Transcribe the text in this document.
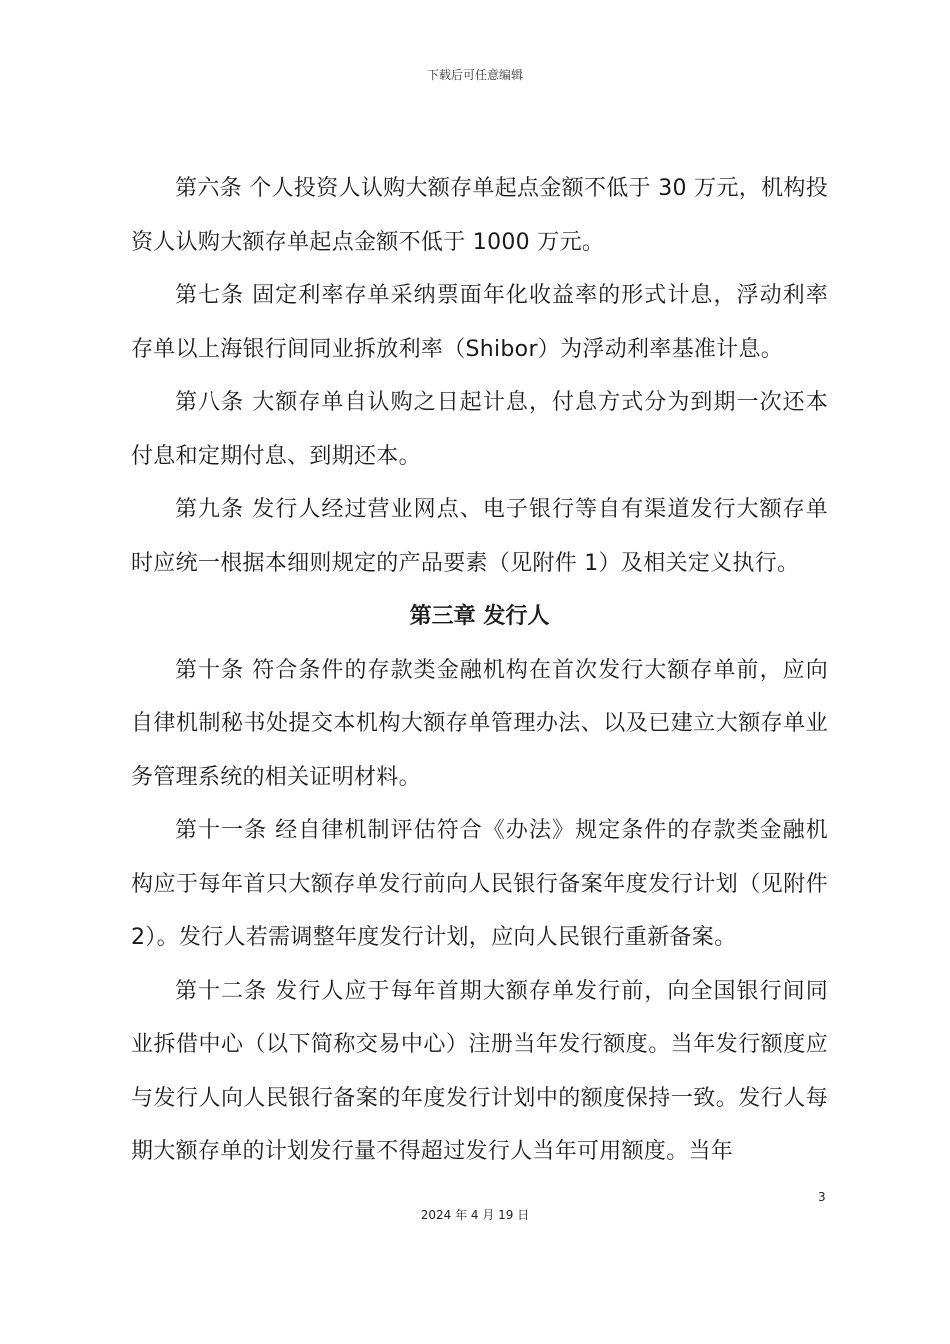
下载后可任意编辑

第六条 个人投资人认购大额存单起点金额不低于 30 万元，机构投资人认购大额存单起点金额不低于 1000 万元。

第七条 固定利率存单采纳票面年化收益率的形式计息，浮动利率存单以上海银行间同业拆放利率（Shibor）为浮动利率基准计息。

第八条 大额存单自认购之日起计息，付息方式分为到期一次还本付息和定期付息、到期还本。

第九条 发行人经过营业网点、电子银行等自有渠道发行大额存单时应统一根据本细则规定的产品要素（见附件 1）及相关定义执行。

第三章 发行人

第十条 符合条件的存款类金融机构在首次发行大额存单前，应向自律机制秘书处提交本机构大额存单管理办法、以及已建立大额存单业务管理系统的相关证明材料。

第十一条 经自律机制评估符合《办法》规定条件的存款类金融机构应于每年首只大额存单发行前向人民银行备案年度发行计划（见附件 2）。发行人若需调整年度发行计划，应向人民银行重新备案。

第十二条 发行人应于每年首期大额存单发行前，向全国银行间同业拆借中心（以下简称交易中心）注册当年发行额度。当年发行额度应与发行人向人民银行备案的年度发行计划中的额度保持一致。发行人每期大额存单的计划发行量不得超过发行人当年可用额度。当年

3
2024 年 4 月 19 日
